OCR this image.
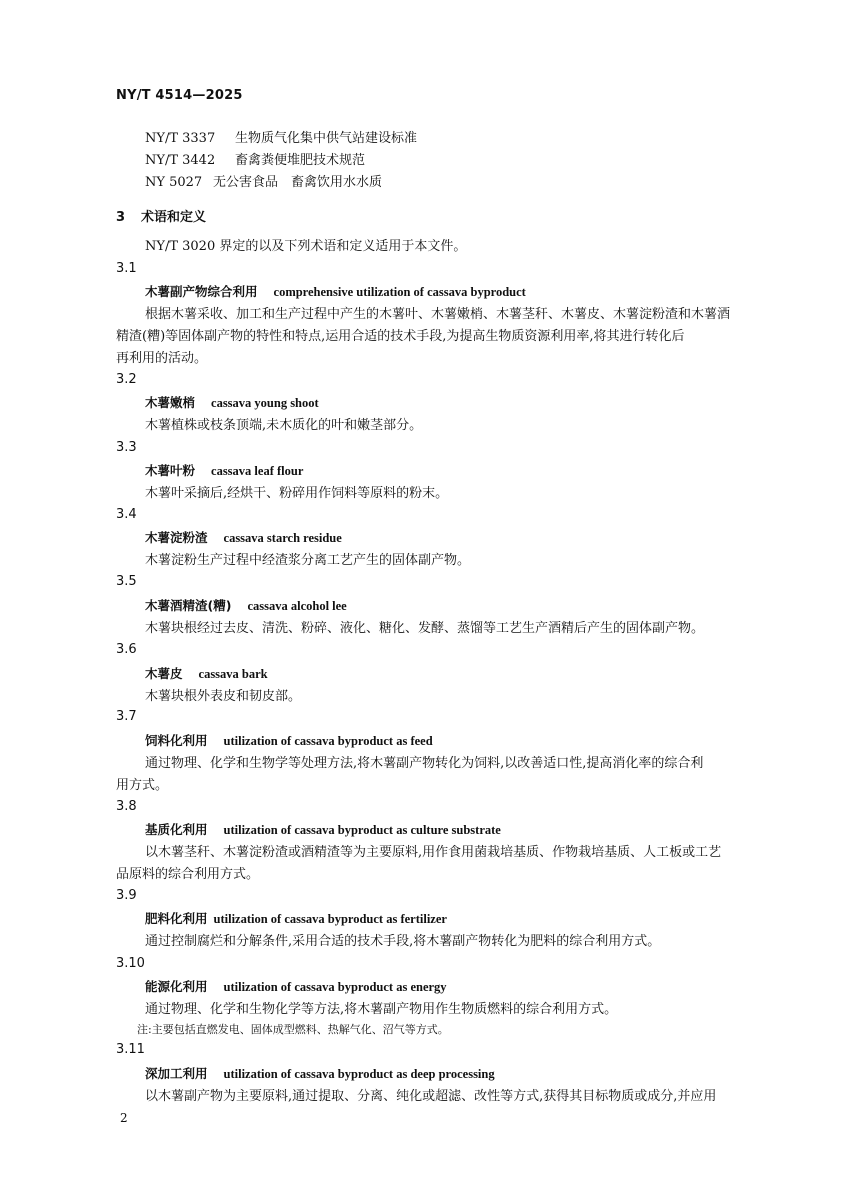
NY/T 4514—2025
NY/T 3337 生物质气化集中供气站建设标准
NY/T 3442 畜禽粪便堆肥技术规范
NY 5027 无公害食品　畜禽饮用水水质
3 术语和定义
NY/T 3020 界定的以及下列术语和定义适用于本文件。
3.1
木薯副产物综合利用 comprehensive utilization of cassava byproduct
根据木薯采收、加工和生产过程中产生的木薯叶、木薯嫩梢、木薯茎秆、木薯皮、木薯淀粉渣和木薯酒
精渣(糟)等固体副产物的特性和特点,运用合适的技术手段,为提高生物质资源利用率,将其进行转化后
再利用的活动。
3.2
木薯嫩梢 cassava young shoot
木薯植株或枝条顶端,未木质化的叶和嫩茎部分。
3.3
木薯叶粉 cassava leaf flour
木薯叶采摘后,经烘干、粉碎用作饲料等原料的粉末。
3.4
木薯淀粉渣 cassava starch residue
木薯淀粉生产过程中经渣浆分离工艺产生的固体副产物。
3.5
木薯酒精渣(糟) cassava alcohol lee
木薯块根经过去皮、清洗、粉碎、液化、糖化、发酵、蒸馏等工艺生产酒精后产生的固体副产物。
3.6
木薯皮 cassava bark
木薯块根外表皮和韧皮部。
3.7
饲料化利用 utilization of cassava byproduct as feed
通过物理、化学和生物学等处理方法,将木薯副产物转化为饲料,以改善适口性,提高消化率的综合利
用方式。
3.8
基质化利用 utilization of cassava byproduct as culture substrate
以木薯茎秆、木薯淀粉渣或酒精渣等为主要原料,用作食用菌栽培基质、作物栽培基质、人工板或工艺
品原料的综合利用方式。
3.9
肥料化利用 utilization of cassava byproduct as fertilizer
通过控制腐烂和分解条件,采用合适的技术手段,将木薯副产物转化为肥料的综合利用方式。
3.10
能源化利用 utilization of cassava byproduct as energy
通过物理、化学和生物化学等方法,将木薯副产物用作生物质燃料的综合利用方式。
注:主要包括直燃发电、固体成型燃料、热解气化、沼气等方式。
3.11
深加工利用 utilization of cassava byproduct as deep processing
以木薯副产物为主要原料,通过提取、分离、纯化或超滤、改性等方式,获得其目标物质或成分,并应用
2
